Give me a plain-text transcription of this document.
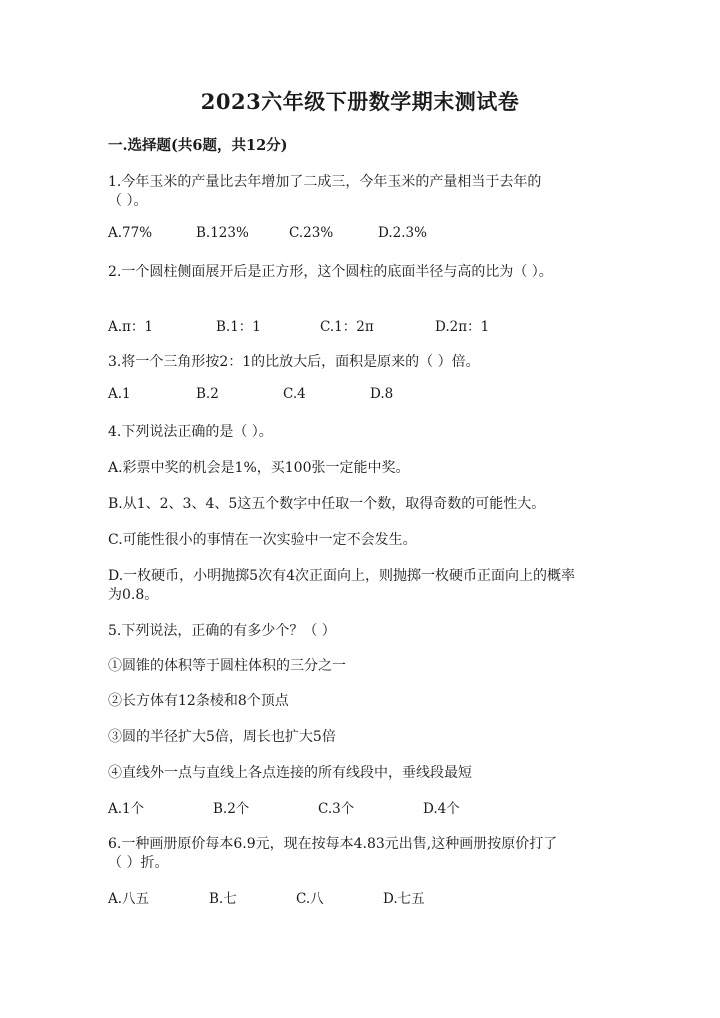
2023六年级下册数学期末测试卷
一.选择题(共6题，共12分)
1.今年玉米的产量比去年增加了二成三，今年玉米的产量相当于去年的
（ ）。
A.77%	B.123%	C.23%	D.2.3%
2.一个圆柱侧面展开后是正方形，这个圆柱的底面半径与高的比为（ ）。
A.π：1	B.1：1	C.1：2π	D.2π：1
3.将一个三角形按2：1的比放大后，面积是原来的（ ）倍。
A.1	B.2	C.4	D.8
4.下列说法正确的是（ ）。
A.彩票中奖的机会是1%，买100张一定能中奖。
B.从1、2、3、4、5这五个数字中任取一个数，取得奇数的可能性大。
C.可能性很小的事情在一次实验中一定不会发生。
D.一枚硬币，小明抛掷5次有4次正面向上，则抛掷一枚硬币正面向上的概率
为0.8。
5.下列说法，正确的有多少个？（ ）
①圆锥的体积等于圆柱体积的三分之一
②长方体有12条棱和8个顶点
③圆的半径扩大5倍，周长也扩大5倍
④直线外一点与直线上各点连接的所有线段中，垂线段最短
A.1个	B.2个	C.3个	D.4个
6.一种画册原价每本6.9元，现在按每本4.83元出售,这种画册按原价打了
（ ）折。
A.八五	B.七	C.八	D.七五
